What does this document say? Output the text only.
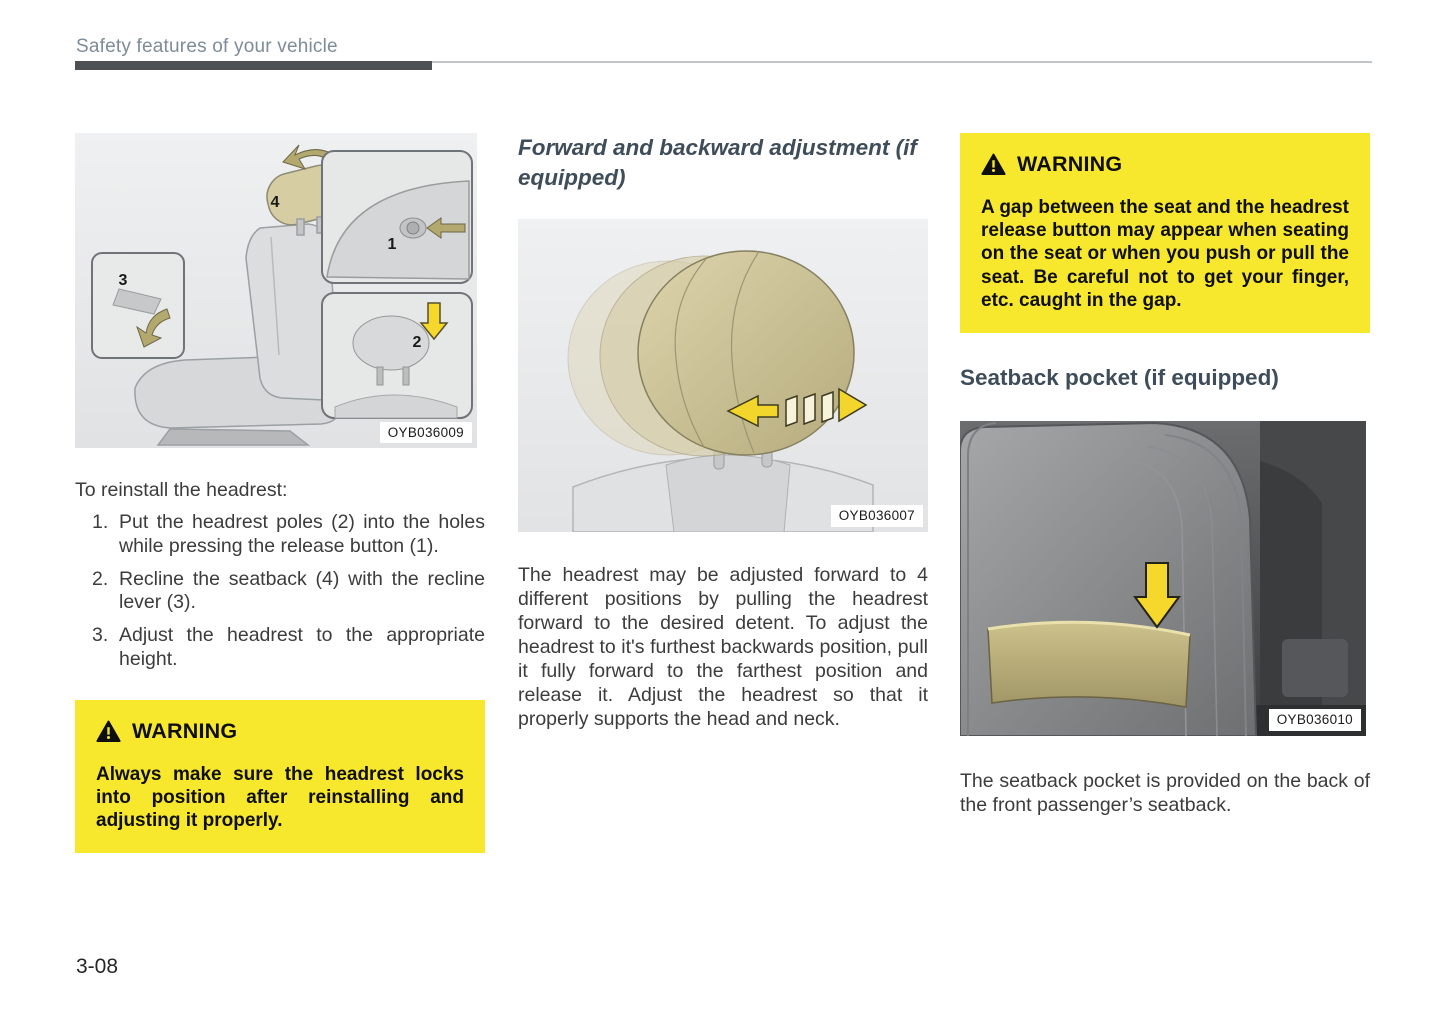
Safety features of your vehicle
4
3
1
2
OYB036009

To reinstall the headrest:

1. Put the headrest poles (2) into the holes while pressing the release button (1).
2. Recline the seatback (4) with the recline lever (3).
3. Adjust the headrest to the appropriate height.
WARNING

Always make sure the headrest locks into position after reinstalling and adjusting it properly.

Forward and backward adjustment (if equipped)
OYB036007

The headrest may be adjusted forward to 4 different positions by pulling the headrest forward to the desired detent. To adjust the headrest to it's furthest backwards position, pull it fully forward to the farthest position and release it. Adjust the headrest so that it properly supports the head and neck.

WARNING

A gap between the seat and the headrest release button may appear when seating on the seat or when you push or pull the seat. Be careful not to get your finger, etc. caught in the gap.

Seatback pocket (if equipped)
OYB036010

The seatback pocket is provided on the back of the front passenger’s seatback.

3-08
